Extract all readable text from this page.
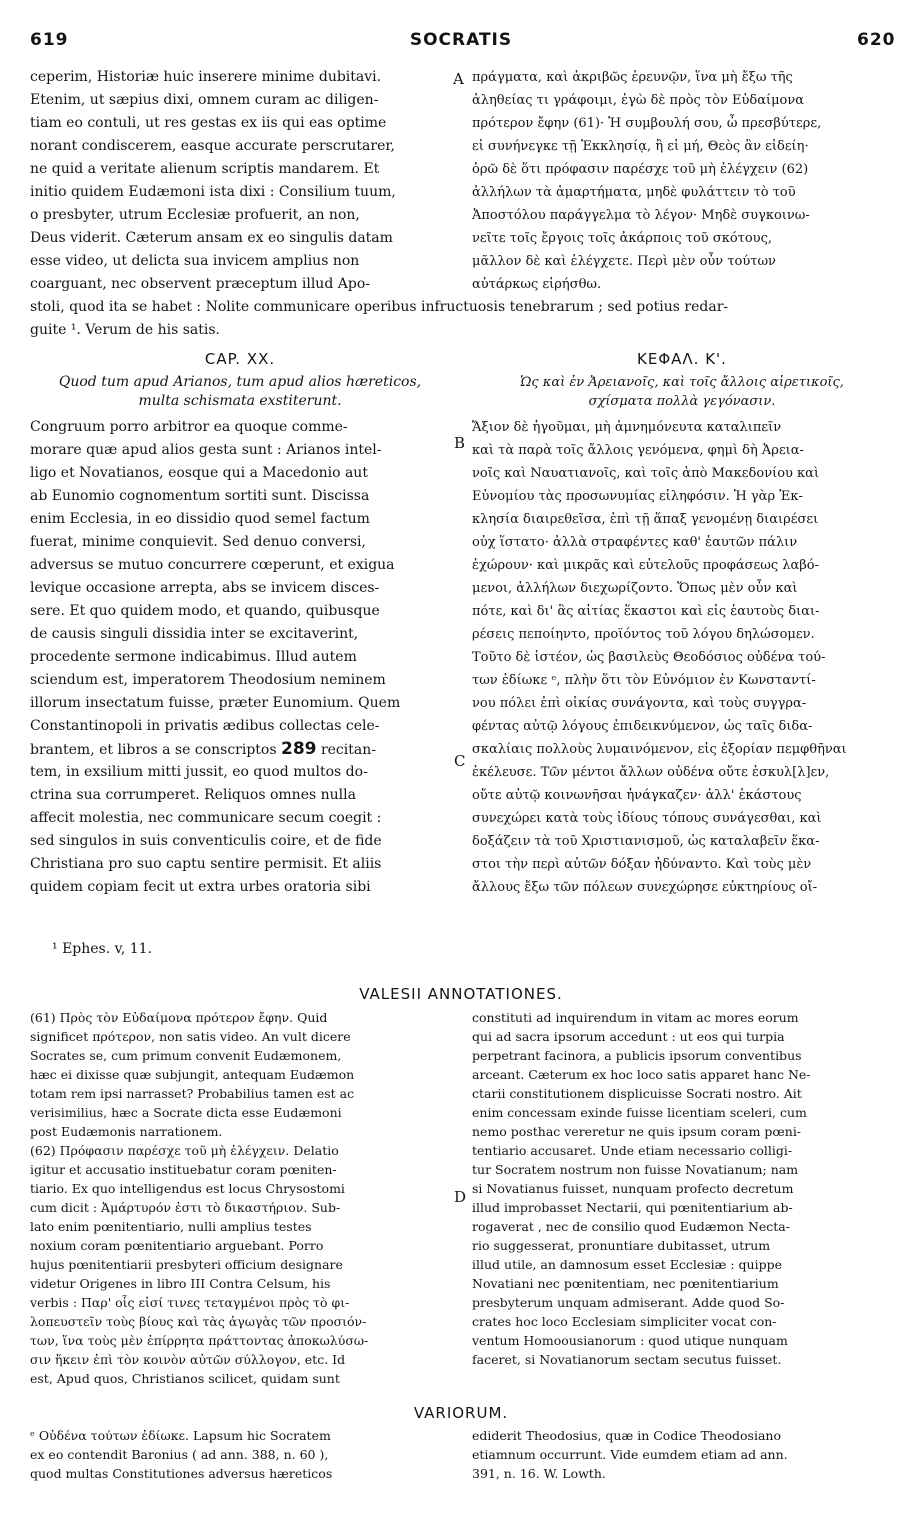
619	SOCRATIS	620
A
B
C
D
ceperim, Historiæ huic inserere minime dubitavi.
Etenim, ut sæpius dixi, omnem curam ac diligen-
tiam eo contuli, ut res gestas ex iis qui eas optime
norant condiscerem, easque accurate perscrutarer,
ne quid a veritate alienum scriptis mandarem. Et
initio quidem Eudæmoni ista dixi : Consilium tuum,
o presbyter, utrum Ecclesiæ profuerit, an non,
Deus viderit. Cæterum ansam ex eo singulis datam
esse video, ut delicta sua invicem amplius non
coarguant, nec observent præceptum illud Apo-
πράγματα, καὶ ἀκριβῶς ἐρευνῷν, ἵνα μὴ ἔξω τῆς
ἀληθείας τι γράφοιμι, ἐγὼ δὲ πρὸς τὸν Εὐδαίμονα
πρότερον ἔφην (61)· Ἡ συμβουλή σου, ὦ πρεσβύτερε,
εἰ συνήνεγκε τῇ Ἐκκλησίᾳ, ἢ εἰ μή, Θεὸς ἂν εἰδείη·
ὁρῶ δὲ ὅτι πρόφασιν παρέσχε τοῦ μὴ ἐλέγχειν (62)
ἀλλήλων τὰ ἁμαρτήματα, μηδὲ φυλάττειν τὸ τοῦ
Ἀποστόλου παράγγελμα τὸ λέγον· Μηδὲ συγκοινω-
νεῖτε τοῖς ἔργοις τοῖς ἀκάρποις τοῦ σκότους,
μᾶλλον δὲ καὶ ἐλέγχετε. Περὶ μὲν οὖν τούτων
αὐτάρκως εἰρήσθω.
stoli, quod ita se habet : Nolite communicare operibus infructuosis tenebrarum ; sed potius redar-
guite ¹. Verum de his satis.
CAP. XX.	ΚΕΦΑΛ. Κ'.
Quod tum apud Arianos, tum apud alios hæreticos,
multa schismata exstiterunt.
Ὡς καὶ ἐν Ἀρειανοῖς, καὶ τοῖς ἄλλοις αἱρετικοῖς,
σχίσματα πολλὰ γεγόνασιν.
Congruum porro arbitror ea quoque comme-
morare quæ apud alios gesta sunt : Arianos intel-
ligo et Novatianos, eosque qui a Macedonio aut
ab Eunomio cognomentum sortiti sunt. Discissa
enim Ecclesia, in eo dissidio quod semel factum
fuerat, minime conquievit. Sed denuo conversi,
adversus se mutuo concurrere cœperunt, et exigua
levique occasione arrepta, abs se invicem disces-
sere. Et quo quidem modo, et quando, quibusque
de causis singuli dissidia inter se excitaverint,
procedente sermone indicabimus. Illud autem
sciendum est, imperatorem Theodosium neminem
illorum insectatum fuisse, præter Eunomium. Quem
Constantinopoli in privatis ædibus collectas cele-
brantem, et libros a se conscriptos 289 recitan-
tem, in exsilium mitti jussit, eo quod multos do-
ctrina sua corrumperet. Reliquos omnes nulla
affecit molestia, nec communicare secum coegit :
sed singulos in suis conventiculis coire, et de fide
Christiana pro suo captu sentire permisit. Et aliis
quidem copiam fecit ut extra urbes oratoria sibi
Ἄξιον δὲ ἡγοῦμαι, μὴ ἀμνημόνευτα καταλιπεῖν
καὶ τὰ παρὰ τοῖς ἄλλοις γενόμενα, φημὶ δὴ Ἀρεια-
νοῖς καὶ Ναυατιανοῖς, καὶ τοῖς ἀπὸ Μακεδονίου καὶ
Εὐνομίου τὰς προσωνυμίας εἰληφόσιν. Ἡ γὰρ Ἐκ-
κλησία διαιρεθεῖσα, ἐπὶ τῇ ἅπαξ γενομένῃ διαιρέσει
οὐχ ἵστατο· ἀλλὰ στραφέντες καθ' ἑαυτῶν πάλιν
ἐχώρουν· καὶ μικρᾶς καὶ εὐτελοῦς προφάσεως λαβό-
μενοι, ἀλλήλων διεχωρίζοντο. Ὅπως μὲν οὖν καὶ
πότε, καὶ δι' ἃς αἰτίας ἕκαστοι καὶ εἰς ἑαυτοὺς διαι-
ρέσεις πεποίηντο, προϊόντος τοῦ λόγου δηλώσομεν.
Τοῦτο δὲ ἰστέον, ὡς βασιλεὺς Θεοδόσιος οὐδένα τού-
των ἐδίωκε ᵉ, πλὴν ὅτι τὸν Εὐνόμιον ἐν Κωνσταντί-
νου πόλει ἐπὶ οἰκίας συνάγοντα, καὶ τοὺς συγγρα-
φέντας αὐτῷ λόγους ἐπιδεικνύμενον, ὡς ταῖς διδα-
σκαλίαις πολλοὺς λυμαινόμενον, εἰς ἐξορίαν πεμφθῆναι
ἐκέλευσε. Τῶν μέντοι ἄλλων οὐδένα οὔτε ἐσκυλ[λ]εν,
οὔτε αὐτῷ κοινωνῆσαι ἠνάγκαζεν· ἀλλ' ἑκάστους
συνεχώρει κατὰ τοὺς ἰδίους τόπους συνάγεσθαι, καὶ
δοξάζειν τὰ τοῦ Χριστιανισμοῦ, ὡς καταλαβεῖν ἕκα-
στοι τὴν περὶ αὐτῶν δόξαν ἠδύναντο. Καὶ τοὺς μὲν
ἄλλους ἔξω τῶν πόλεων συνεχώρησε εὐκτηρίους οἴ-
¹ Ephes. v, 11.
VALESII ANNOTATIONES.
(61) Πρὸς τὸν Εὐδαίμονα πρότερον ἔφην. Quid
significet πρότερον, non satis video. An vult dicere
Socrates se, cum primum convenit Eudæmonem,
hæc ei dixisse quæ subjungit, antequam Eudæmon
totam rem ipsi narrasset? Probabilius tamen est ac
verisimilius, hæc a Socrate dicta esse Eudæmoni
post Eudæmonis narrationem.
(62) Πρόφασιν παρέσχε τοῦ μὴ ἐλέγχειν. Delatio
igitur et accusatio instituebatur coram pœniten-
tiario. Ex quo intelligendus est locus Chrysostomi
cum dicit : Ἀμάρτυρόν ἐστι τὸ δικαστήριον. Sub-
lato enim pœnitentiario, nulli amplius testes
noxium coram pœnitentiario arguebant. Porro
hujus pœnitentiarii presbyteri officium designare
videtur Origenes in libro III Contra Celsum, his
verbis : Παρ' οἷς εἰσί τινες τεταγμένοι πρὸς τὸ φι-
λοπευστεῖν τοὺς βίους καὶ τὰς ἀγωγὰς τῶν προσιόν-
των, ἵνα τοὺς μὲν ἐπίρρητα πράττοντας ἀποκωλύσω-
σιν ἥκειν ἐπὶ τὸν κοινὸν αὐτῶν σύλλογον, etc. Id
est, Apud quos, Christianos scilicet, quidam sunt
constituti ad inquirendum in vitam ac mores eorum
qui ad sacra ipsorum accedunt : ut eos qui turpia
perpetrant facinora, a publicis ipsorum conventibus
arceant. Cæterum ex hoc loco satis apparet hanc Ne-
ctarii constitutionem displicuisse Socrati nostro. Ait
enim concessam exinde fuisse licentiam sceleri, cum
nemo posthac vereretur ne quis ipsum coram pœni-
tentiario accusaret. Unde etiam necessario colligi-
tur Socratem nostrum non fuisse Novatianum; nam
si Novatianus fuisset, nunquam profecto decretum
illud improbasset Nectarii, qui pœnitentiarium ab-
rogaverat , nec de consilio quod Eudæmon Necta-
rio suggesserat, pronuntiare dubitasset, utrum
illud utile, an damnosum esset Ecclesiæ : quippe
Novatiani nec pœnitentiam, nec pœnitentiarium
presbyterum unquam admiserant. Adde quod So-
crates hoc loco Ecclesiam simpliciter vocat con-
ventum Homoousianorum : quod utique nunquam
faceret, si Novatianorum sectam secutus fuisset.
VARIORUM.
ᵉ Οὐδένα τούτων ἐδίωκε. Lapsum hic Socratem
ex eo contendit Baronius ( ad ann. 388, n. 60 ),
quod multas Constitutiones adversus hæreticos
ediderit Theodosius, quæ in Codice Theodosiano
etiamnum occurrunt. Vide eumdem etiam ad ann.
391, n. 16. W. Lowth.
